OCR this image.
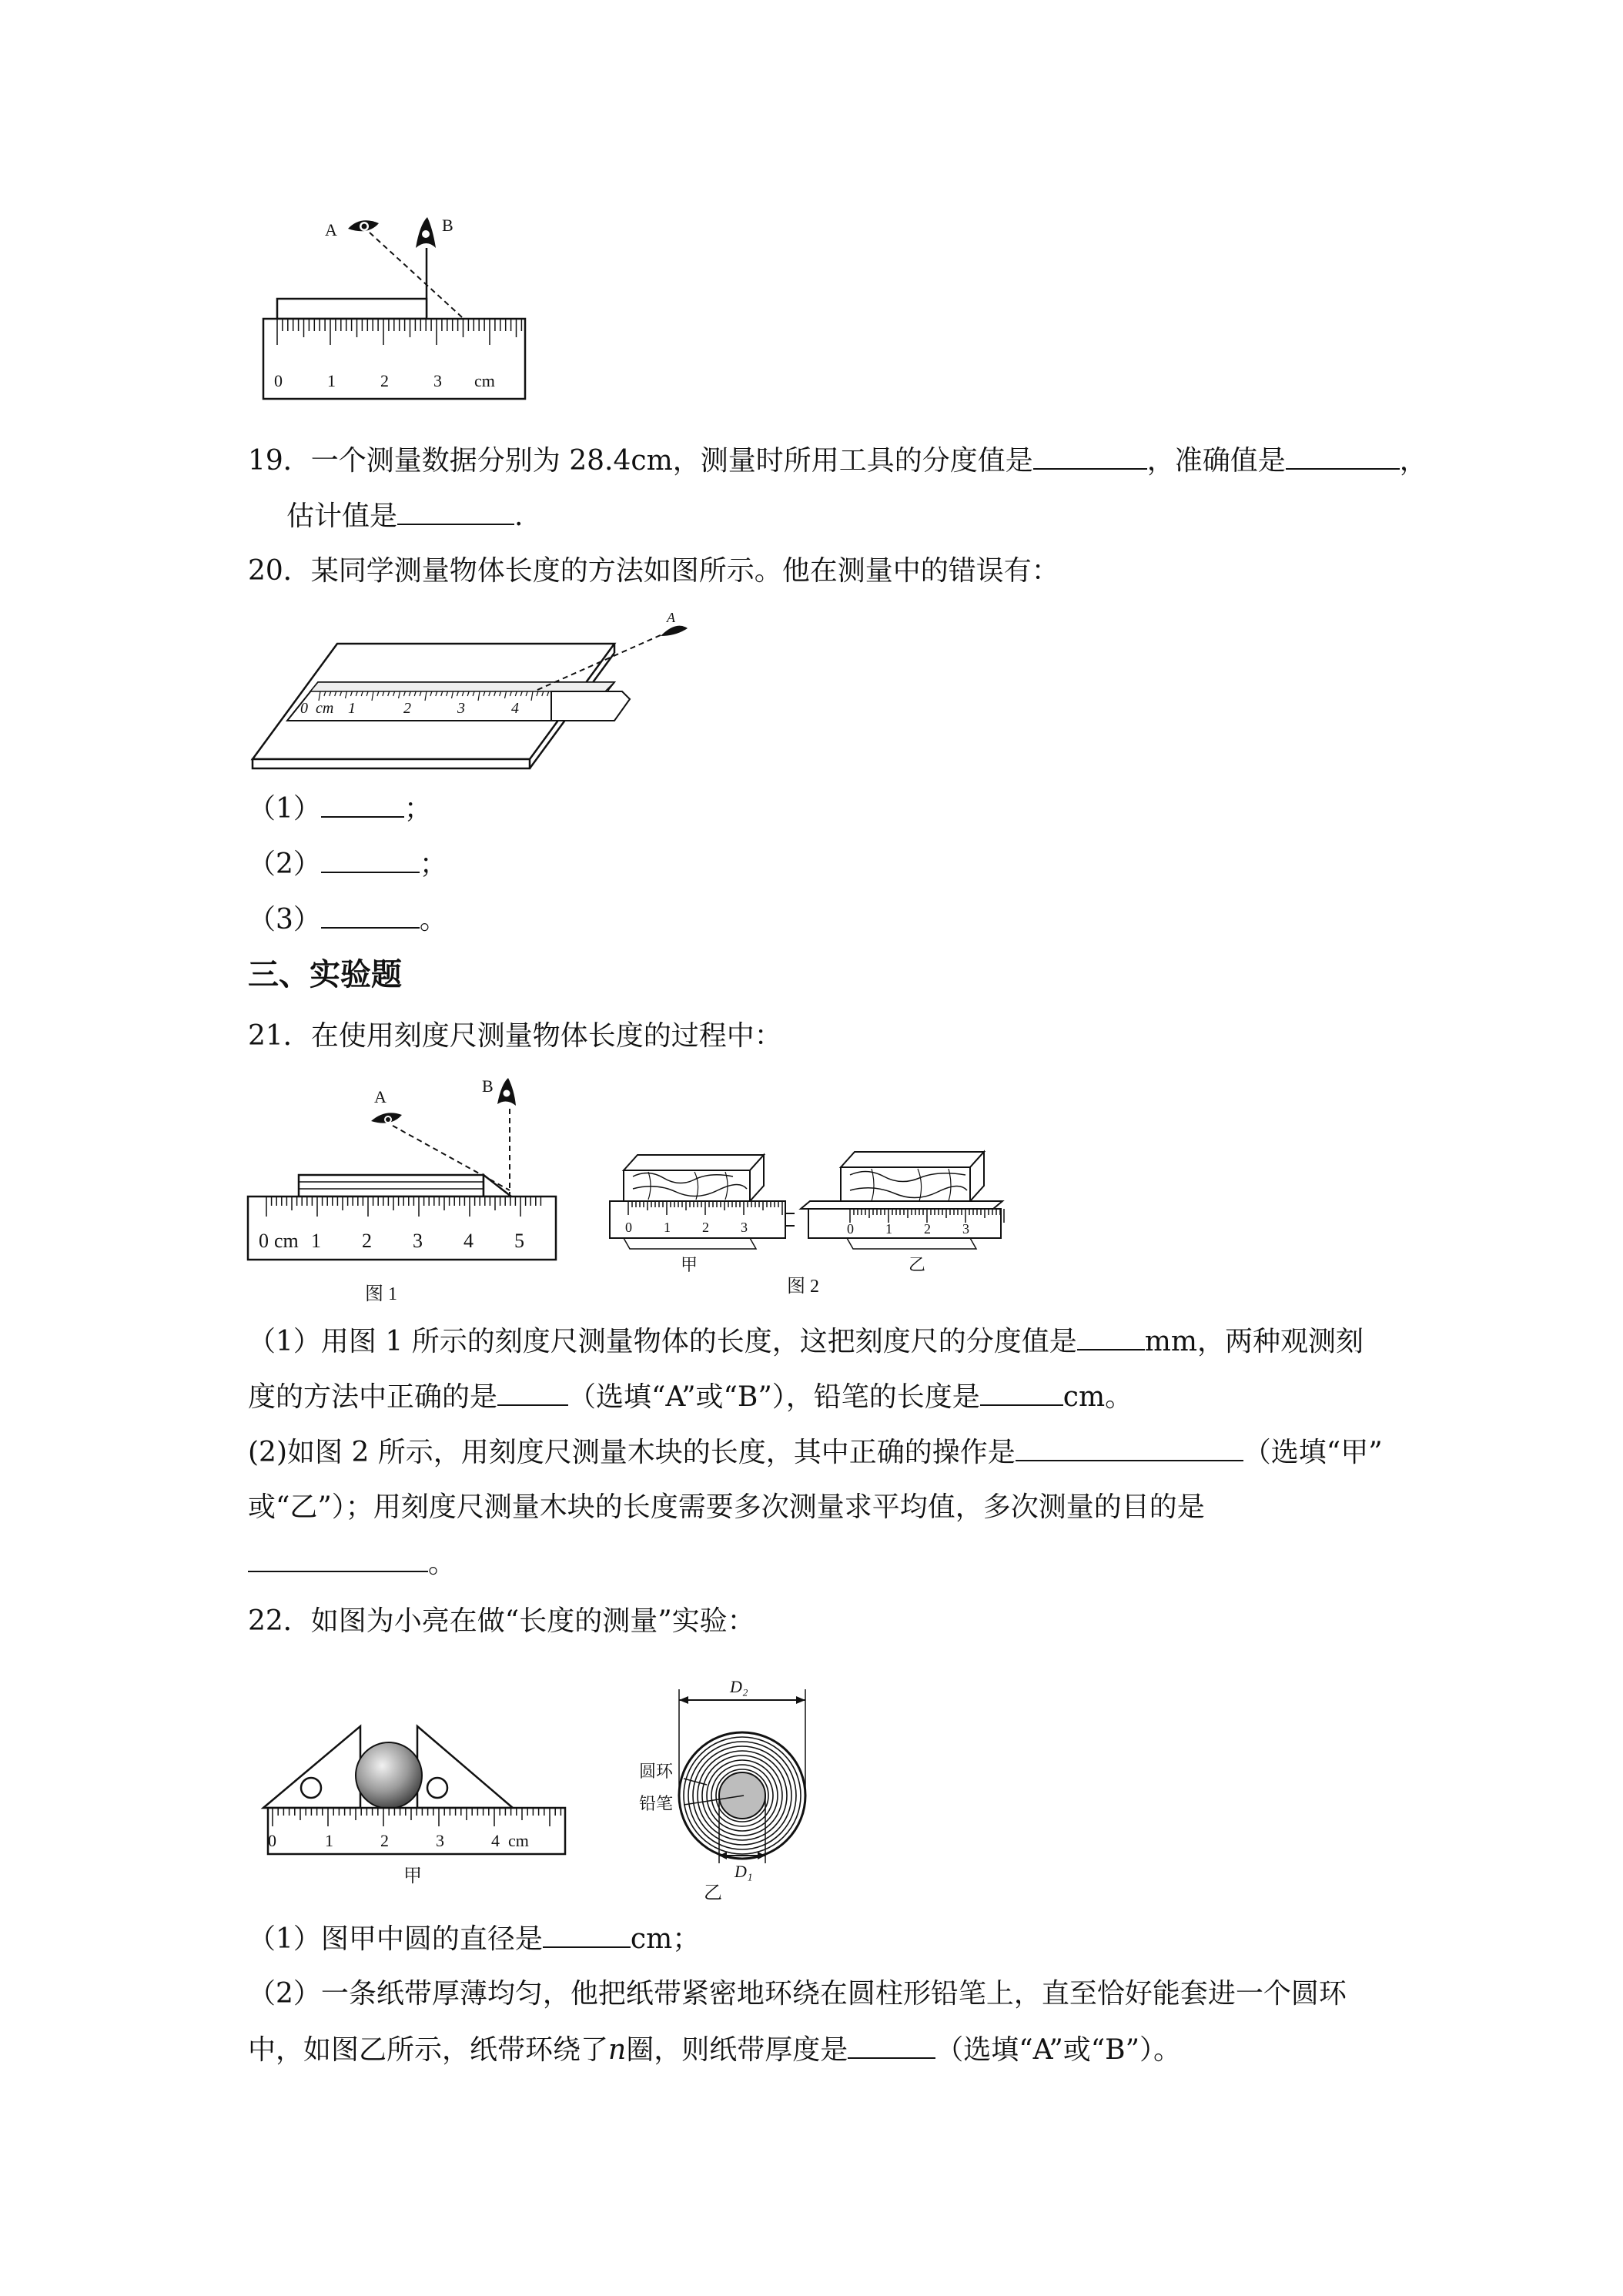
A	B
0	1	2	3 cm
19．一个测量数据分别为 28.4cm，测量时所用工具的分度值是	，准确值是	，
估计值是	.
20．某同学测量物体长度的方法如图所示。他在测量中的错误有：
0 cm 1	2	3	4
A
（1）	；
（2）	；
（3）	。
三、实验题
21．在使用刻度尺测量物体长度的过程中：
A
B
0 cm 1 2 3 4 5
图 1
0 1 2 3
甲
0 1 2 3
乙
图 2
（1）用图 1 所示的刻度尺测量物体的长度，这把刻度尺的分度值是 mm，两种观测刻
度的方法中正确的是	（选填“A”或“B”），铅笔的长度是	cm。
(2)如图 2 所示，用刻度尺测量木块的长度，其中正确的操作是	（选填“甲”
或“乙”）；用刻度尺测量木块的长度需要多次测量求平均值，多次测量的目的是
。
22．如图为小亮在做“长度的测量”实验：
0	1	2	3	4 cm
甲
D₂
圆环
铅笔
D₁
乙
（1）图甲中圆的直径是	cm；
（2）一条纸带厚薄均匀，他把纸带紧密地环绕在圆柱形铅笔上，直至恰好能套进一个圆环
中，如图乙所示，纸带环绕了n圈，则纸带厚度是	（选填“A”或“B”）。
